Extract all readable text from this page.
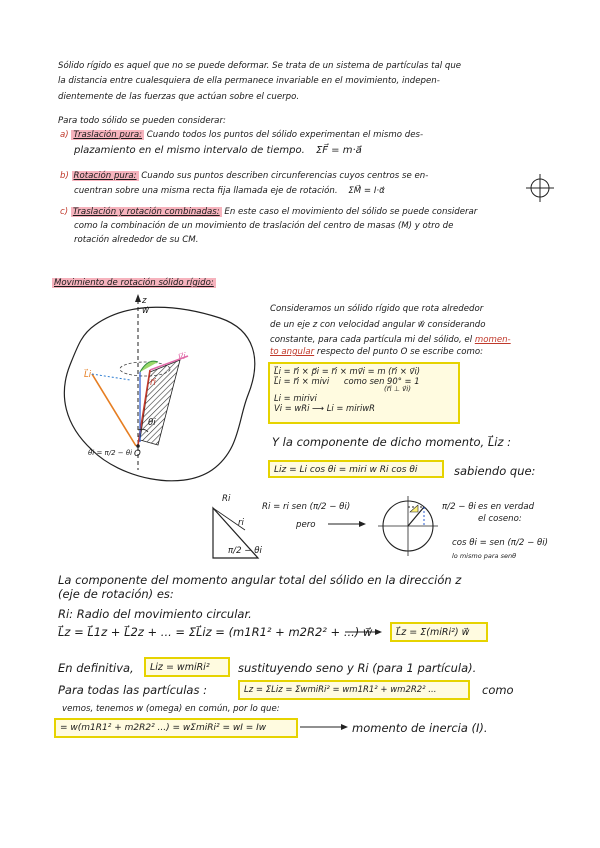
Sólido rígido es aquel que no se puede deformar. Se trata de un sistema de partículas tal que
la distancia entre cualesquiera de ella permanece invariable en el movimiento, indepen-
dientemente de las fuerzas que actúan sobre el cuerpo.
Para todo sólido se pueden considerar:
a) Traslación pura: Cuando todos los puntos del sólido experimentan el mismo des-
plazamiento en el mismo intervalo de tiempo. ΣF⃗ = m·a⃗
b) Rotación pura: Cuando sus puntos describen circunferencias cuyos centros se en-
cuentran sobre una misma recta fija llamada eje de rotación. ΣM⃗ = I·α⃗
c) Traslación y rotación combinadas: En este caso el movimiento del sólido se puede considerar
como la combinación de un movimiento de traslación del centro de masas (M) y otro de
rotación alrededor de su CM.
Movimiento de rotación sólido rígido:
z
w⃗
L⃗i
r⃗i
v⃗i
O
θi
θi = π/2 − θi
Consideramos un sólido rígido que rota alrededor
de un eje z con velocidad angular w⃗ considerando
constante, para cada partícula mi del sólido, el momen-
to angular respecto del punto O se escribe como:
L⃗i = r⃗i × p⃗i = r⃗i × mv⃗i = m (r⃗i × v⃗i)
L⃗i = r⃗i × mivi como sen 90° = 1
(r⃗i ⊥ v⃗i)
Li = mirivi
Vi = wRi ⟶ Li = miriwR
Y la componente de dicho momento, L⃗iz :
Liz = Li cos θi = miri w Ri cos θi	sabiendo que:
Ri
Ri = ri sen (π/2 − θi)
ri
π/2 − θi
pero
π/2 − θi es en verdad
el coseno:
cos θi = sen (π/2 − θi)
lo mismo para senθ
La componente del momento angular total del sólido en la dirección z
(eje de rotación) es:
Ri: Radio del movimiento circular.
L⃗z = L⃗1z + L⃗2z + ... = ΣL⃗iz = (m1R1² + m2R2² + ...) w⃗ L⃗z = Σ(miRi²) w⃗
En definitiva, Liz = wmiRi²	sustituyendo seno y Ri (para 1 partícula).
Para todas las partículas :	Lz = ΣLiz = ΣwmiRi² = wm1R1² + wm2R2² ...	como
vemos, tenemos w (omega) en común, por lo que:
= w(m1R1² + m2R2² ...) = wΣmiRi² = wI = Iw	momento de inercia (I).
